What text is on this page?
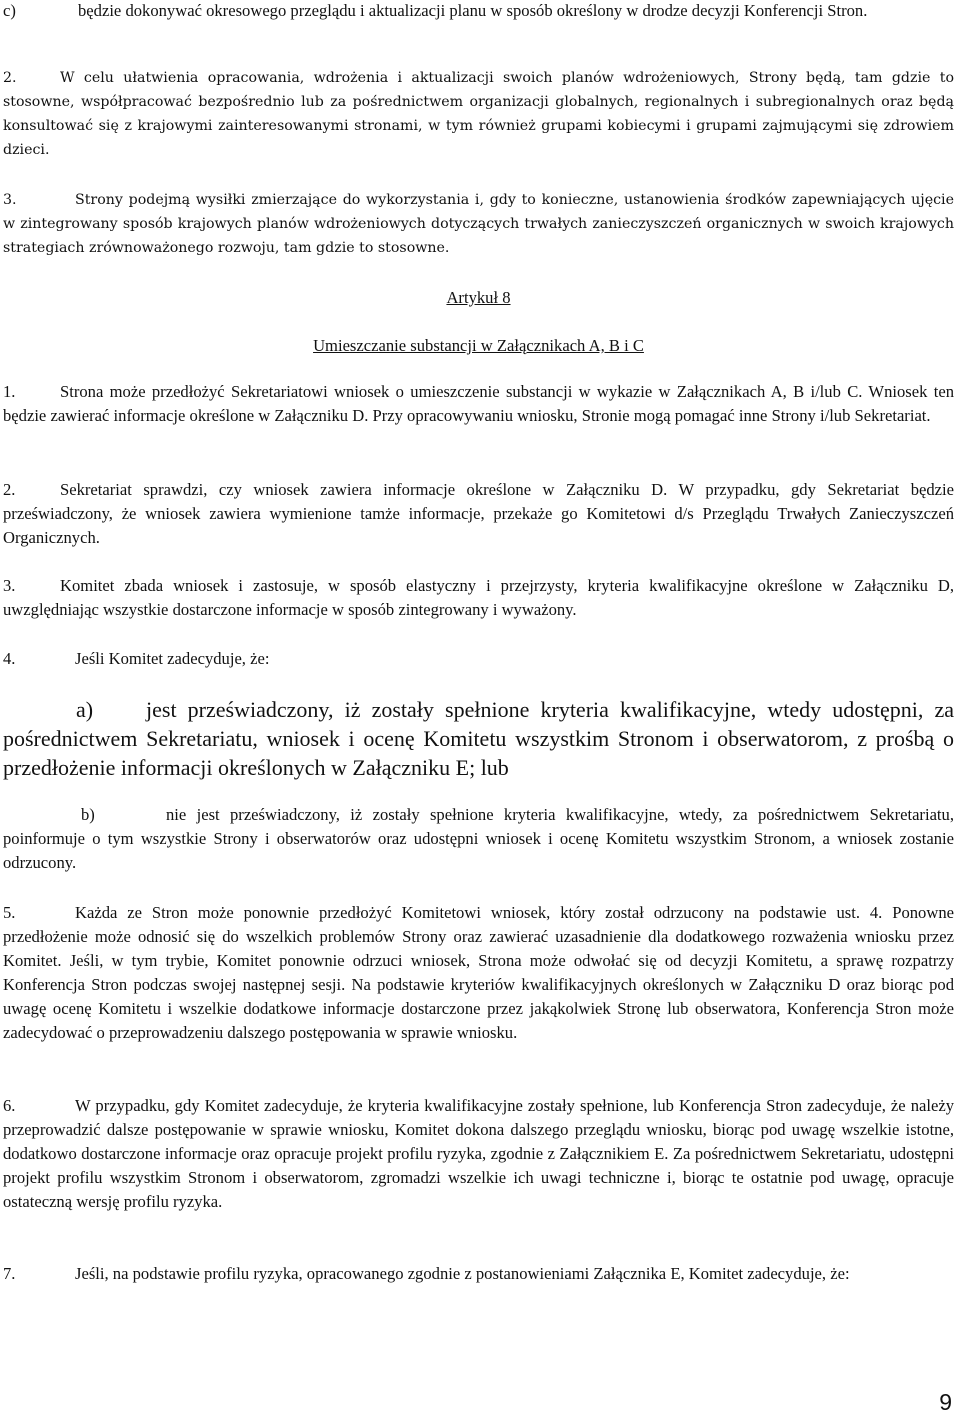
c)	będzie dokonywać okresowego przeglądu i aktualizacji planu w sposób określony w drodze decyzji Konferencji Stron.

2.	W celu ułatwienia opracowania, wdrożenia i aktualizacji swoich planów wdrożeniowych, Strony będą, tam gdzie to stosowne, współpracować bezpośrednio lub za pośrednictwem organizacji globalnych, regionalnych i subregionalnych oraz będą konsultować się z krajowymi zainteresowanymi stronami, w tym również grupami kobiecymi i grupami zajmującymi się zdrowiem dzieci.

3.	Strony podejmą wysiłki zmierzające do wykorzystania i, gdy to konieczne, ustanowienia środków zapewniających ujęcie w zintegrowany sposób krajowych planów wdrożeniowych dotyczących trwałych zanieczyszczeń organicznych w swoich krajowych strategiach zrównoważonego rozwoju, tam gdzie to stosowne.

Artykuł 8

Umieszczanie substancji w Załącznikach A, B i C

1.	Strona może przedłożyć Sekretariatowi wniosek o umieszczenie substancji w wykazie w Załącznikach A, B i/lub C. Wniosek ten będzie zawierać informacje określone w Załączniku D. Przy opracowywaniu wniosku, Stronie mogą pomagać inne Strony i/lub Sekretariat.

2.	Sekretariat sprawdzi, czy wniosek zawiera informacje określone w Załączniku D. W przypadku, gdy Sekretariat będzie przeświadczony, że wniosek zawiera wymienione tamże informacje, przekaże go Komitetowi d/s Przeglądu Trwałych Zanieczyszczeń Organicznych.

3.	Komitet zbada wniosek i zastosuje, w sposób elastyczny i przejrzysty, kryteria kwalifikacyjne określone w Załączniku D, uwzględniając wszystkie dostarczone informacje w sposób zintegrowany i wyważony.

4.	Jeśli Komitet zadecyduje, że:

a) jest przeświadczony, iż zostały spełnione kryteria kwalifikacyjne, wtedy udostępni, za pośrednictwem Sekretariatu, wniosek i ocenę Komitetu wszystkim Stronom i obserwatorom, z prośbą o przedłożenie informacji określonych w Załączniku E; lub

b)	nie jest przeświadczony, iż zostały spełnione kryteria kwalifikacyjne, wtedy, za pośrednictwem Sekretariatu, poinformuje o tym wszystkie Strony i obserwatorów oraz udostępni wniosek i ocenę Komitetu wszystkim Stronom, a wniosek zostanie odrzucony.

5.	Każda ze Stron może ponownie przedłożyć Komitetowi wniosek, który został odrzucony na podstawie ust. 4. Ponowne przedłożenie może odnosić się do wszelkich problemów Strony oraz zawierać uzasadnienie dla dodatkowego rozważenia wniosku przez Komitet. Jeśli, w tym trybie, Komitet ponownie odrzuci wniosek, Strona może odwołać się od decyzji Komitetu, a sprawę rozpatrzy Konferencja Stron podczas swojej następnej sesji. Na podstawie kryteriów kwalifikacyjnych określonych w Załączniku D oraz biorąc pod uwagę ocenę Komitetu i wszelkie dodatkowe informacje dostarczone przez jakąkolwiek Stronę lub obserwatora, Konferencja Stron może zadecydować o przeprowadzeniu dalszego postępowania w sprawie wniosku.

6.	W przypadku, gdy Komitet zadecyduje, że kryteria kwalifikacyjne zostały spełnione, lub Konferencja Stron zadecyduje, że należy przeprowadzić dalsze postępowanie w sprawie wniosku, Komitet dokona dalszego przeglądu wniosku, biorąc pod uwagę wszelkie istotne, dodatkowo dostarczone informacje oraz opracuje projekt profilu ryzyka, zgodnie z Załącznikiem E. Za pośrednictwem Sekretariatu, udostępni projekt profilu wszystkim Stronom i obserwatorom, zgromadzi wszelkie ich uwagi techniczne i, biorąc te ostatnie pod uwagę, opracuje ostateczną wersję profilu ryzyka.

7.	Jeśli, na podstawie profilu ryzyka, opracowanego zgodnie z postanowieniami Załącznika E, Komitet zadecyduje, że:

9
